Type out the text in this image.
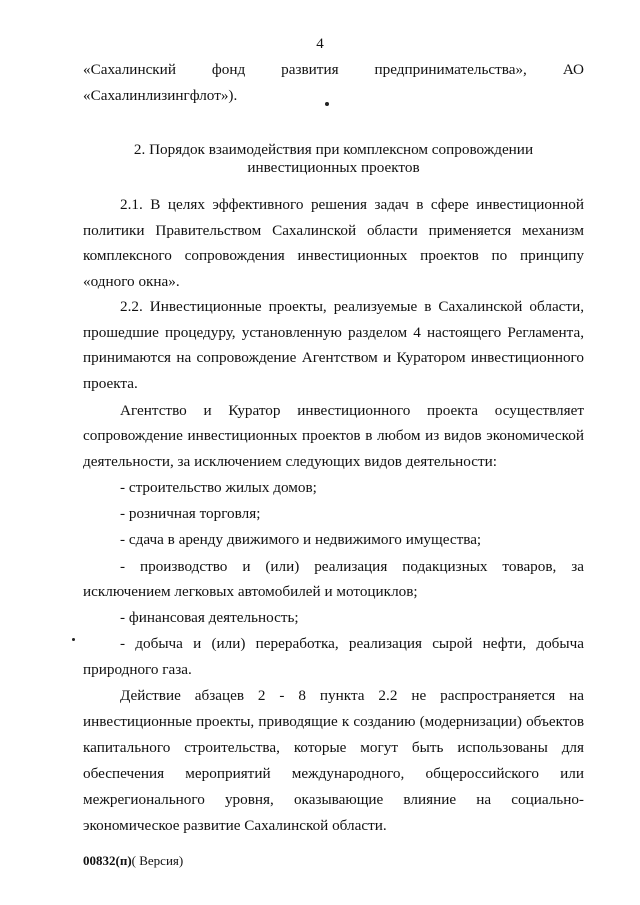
4
«Сахалинский фонд развития предпринимательства», АО
«Сахалинлизингфлот»).
2. Порядок взаимодействия при комплексном сопровождении
инвестиционных проектов
2.1. В целях эффективного решения задач в сфере инвестиционной
политики Правительством Сахалинской области применяется механизм
комплексного сопровождения инвестиционных проектов по принципу
«одного окна».
2.2. Инвестиционные проекты, реализуемые в Сахалинской области,
прошедшие процедуру, установленную разделом 4 настоящего Регламента,
принимаются на сопровождение Агентством и Куратором инвестиционного
проекта.
Агентство и Куратор инвестиционного проекта осуществляет
сопровождение инвестиционных проектов в любом из видов экономической
деятельности, за исключением следующих видов деятельности:
- строительство жилых домов;
- розничная торговля;
- сдача в аренду движимого и недвижимого имущества;
- производство и (или) реализация подакцизных товаров, за
исключением легковых автомобилей и мотоциклов;
- финансовая деятельность;
- добыча и (или) переработка, реализация сырой нефти, добыча
природного газа.
Действие абзацев 2 - 8 пункта 2.2 не распространяется на
инвестиционные проекты, приводящие к созданию (модернизации) объектов
капитального строительства, которые могут быть использованы для
обеспечения мероприятий международного, общероссийского или
межрегионального уровня, оказывающие влияние на социально-
экономическое развитие Сахалинской области.
00832(п)( Версия)
